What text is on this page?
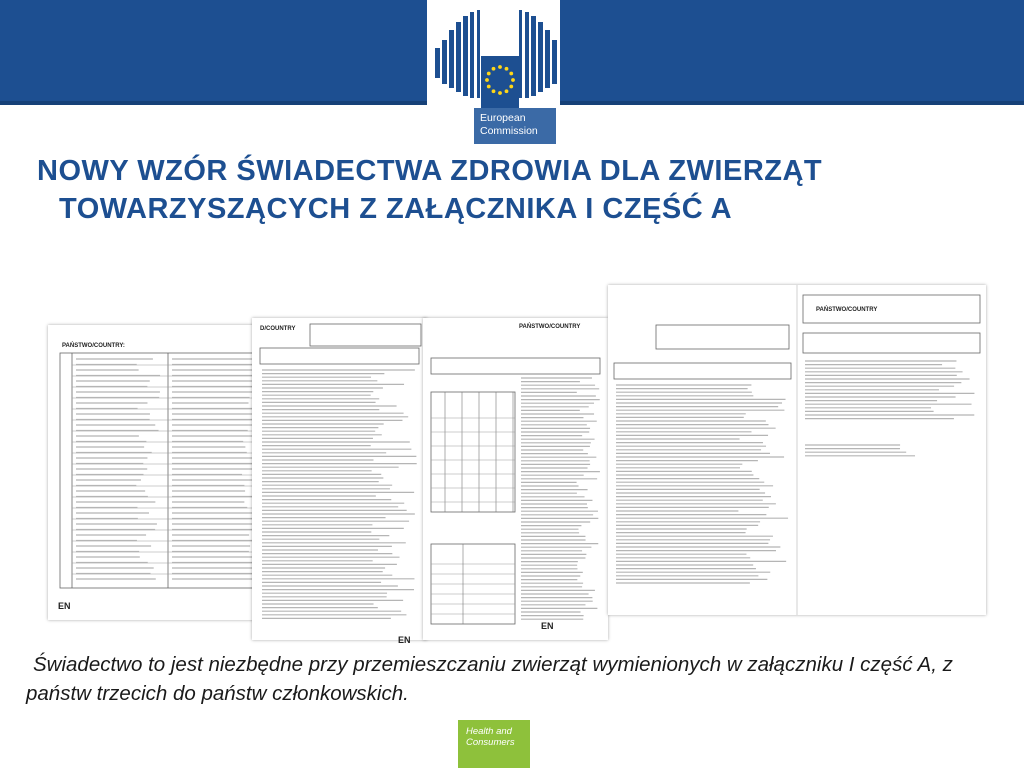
European
Commission
NOWY WZÓR ŚWIADECTWA ZDROWIA DLA ZWIERZĄT TOWARZYSZĄCYCH Z ZAŁĄCZNIKA I CZĘŚĆ A
PAŃSTWO/COUNTRY:
EN
D/COUNTRY
EN
PAŃSTWO/COUNTRY
EN
PAŃSTWO/COUNTRY

Świadectwo to jest niezbędne przy przemieszczaniu zwierząt wymienionych w załączniku I część A, z państw trzecich do państw członkowskich.

Health and
Consumers
